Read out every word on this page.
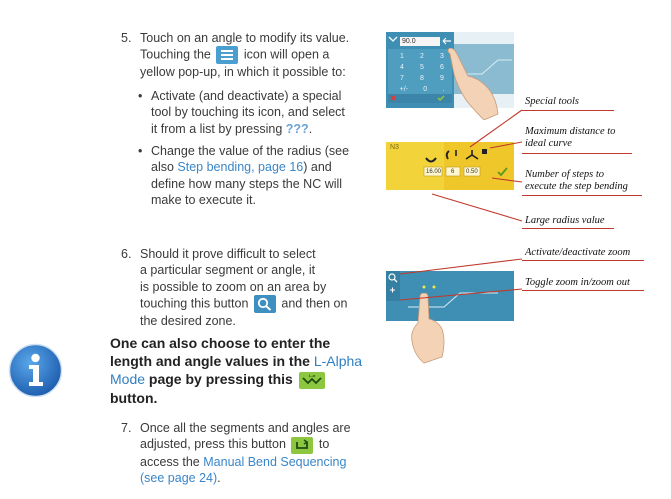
5. Touch on an angle to modify its value.
Touching the	icon will open a
yellow pop-up, in which it possible to:
• Activate (and deactivate) a special
tool by touching its icon, and select
it from a list by pressing ???.
• Change the value of the radius (see
also Step bending, page 16) and
define how many steps the NC will
make to execute it.
6. Should it prove difficult to select
a particular segment or angle, it
is possible to zoom on an area by
touching this button	and then on
the desired zone.
One can also choose to enter the
length and angle values in the L-Alpha
Mode page by pressing this	L-α
button.
7. Once all the segments and angles are
adjusted, press this button	to
access the Manual Bend Sequencing
(see page 24).
90.0
1 2 3
4 5 6
7 8 9
+/- 0 .
N3
16.00 6 0.50
Special tools
Maximum distance to
ideal curve
Number of steps to
execute the step bending
Large radius value
Activate/deactivate zoom
Toggle zoom in/zoom out
